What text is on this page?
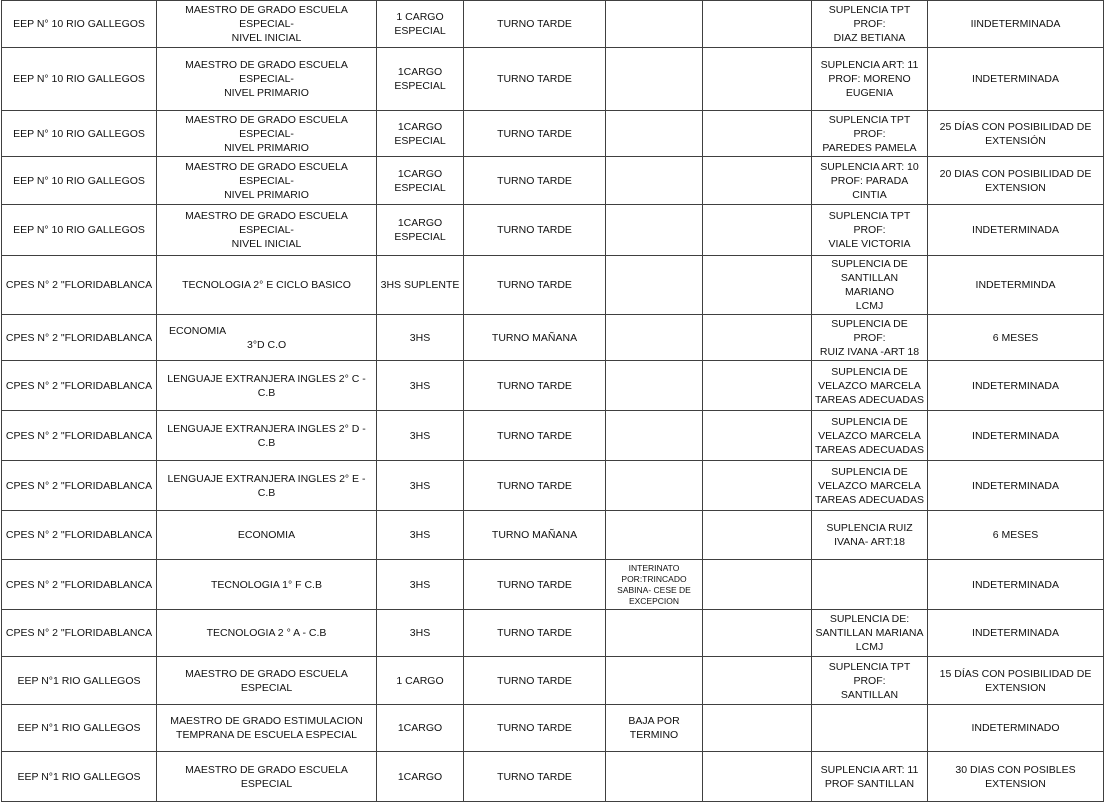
EEP N° 10 RIO GALLEGOS	MAESTRO DE GRADO ESCUELA ESPECIAL-
NIVEL INICIAL	1 CARGO
ESPECIAL	TURNO TARDE			SUPLENCIA TPT PROF:
DIAZ BETIANA	IINDETERMINADA
EEP N° 10 RIO GALLEGOS	MAESTRO DE GRADO ESCUELA ESPECIAL-
NIVEL PRIMARIO	1CARGO
ESPECIAL	TURNO TARDE			SUPLENCIA ART: 11
PROF: MORENO
EUGENIA	INDETERMINADA
EEP N° 10 RIO GALLEGOS	MAESTRO DE GRADO ESCUELA ESPECIAL-
NIVEL PRIMARIO	1CARGO
ESPECIAL	TURNO TARDE			SUPLENCIA TPT PROF:
PAREDES PAMELA	25 DÍAS CON POSIBILIDAD DE
EXTENSIÓN
EEP N° 10 RIO GALLEGOS	MAESTRO DE GRADO ESCUELA ESPECIAL-
NIVEL PRIMARIO	1CARGO
ESPECIAL	TURNO TARDE			SUPLENCIA ART: 10
PROF: PARADA CINTIA	20 DIAS CON POSIBILIDAD DE
EXTENSION
EEP N° 10 RIO GALLEGOS	MAESTRO DE GRADO ESCUELA ESPECIAL-
NIVEL INICIAL	1CARGO
ESPECIAL	TURNO TARDE			SUPLENCIA TPT PROF:
VIALE VICTORIA	INDETERMINADA
CPES N° 2 "FLORIDABLANCA	TECNOLOGIA 2° E CICLO BASICO	3HS SUPLENTE	TURNO TARDE			SUPLENCIA DE
SANTILLAN MARIANO
LCMJ	INDETERMINDA
CPES N° 2 "FLORIDABLANCA	ECONOMIA
3°D C.O	3HS	TURNO MAÑANA			SUPLENCIA DE PROF:
RUIZ IVANA -ART 18	6 MESES
CPES N° 2 "FLORIDABLANCA	LENGUAJE EXTRANJERA INGLES 2° C - C.B	3HS	TURNO TARDE			SUPLENCIA DE
VELAZCO MARCELA
TAREAS ADECUADAS	INDETERMINADA
CPES N° 2 "FLORIDABLANCA	LENGUAJE EXTRANJERA INGLES 2° D - C.B	3HS	TURNO TARDE			SUPLENCIA DE
VELAZCO MARCELA
TAREAS ADECUADAS	INDETERMINADA
CPES N° 2 "FLORIDABLANCA	LENGUAJE EXTRANJERA INGLES 2° E - C.B	3HS	TURNO TARDE			SUPLENCIA DE
VELAZCO MARCELA
TAREAS ADECUADAS	INDETERMINADA
CPES N° 2 "FLORIDABLANCA	ECONOMIA	3HS	TURNO MAÑANA			SUPLENCIA RUIZ
IVANA- ART:18	6 MESES
CPES N° 2 "FLORIDABLANCA	TECNOLOGIA 1° F C.B	3HS	TURNO TARDE	INTERINATO
POR:TRINCADO
SABINA- CESE DE
EXCEPCION			INDETERMINADA
CPES N° 2 "FLORIDABLANCA	TECNOLOGIA 2 ° A - C.B	3HS	TURNO TARDE			SUPLENCIA DE:
SANTILLAN MARIANA
LCMJ	INDETERMINADA
EEP N°1 RIO GALLEGOS	MAESTRO DE GRADO ESCUELA ESPECIAL	1 CARGO	TURNO TARDE			SUPLENCIA TPT PROF:
SANTILLAN	15 DÍAS CON POSIBILIDAD DE
EXTENSION
EEP N°1 RIO GALLEGOS	MAESTRO DE GRADO ESTIMULACION
TEMPRANA DE ESCUELA ESPECIAL	1CARGO	TURNO TARDE	BAJA POR
TERMINO			INDETERMINADO
EEP N°1 RIO GALLEGOS	MAESTRO DE GRADO ESCUELA ESPECIAL	1CARGO	TURNO TARDE			SUPLENCIA ART: 11
PROF SANTILLAN	30 DIAS CON POSIBLES EXTENSION
